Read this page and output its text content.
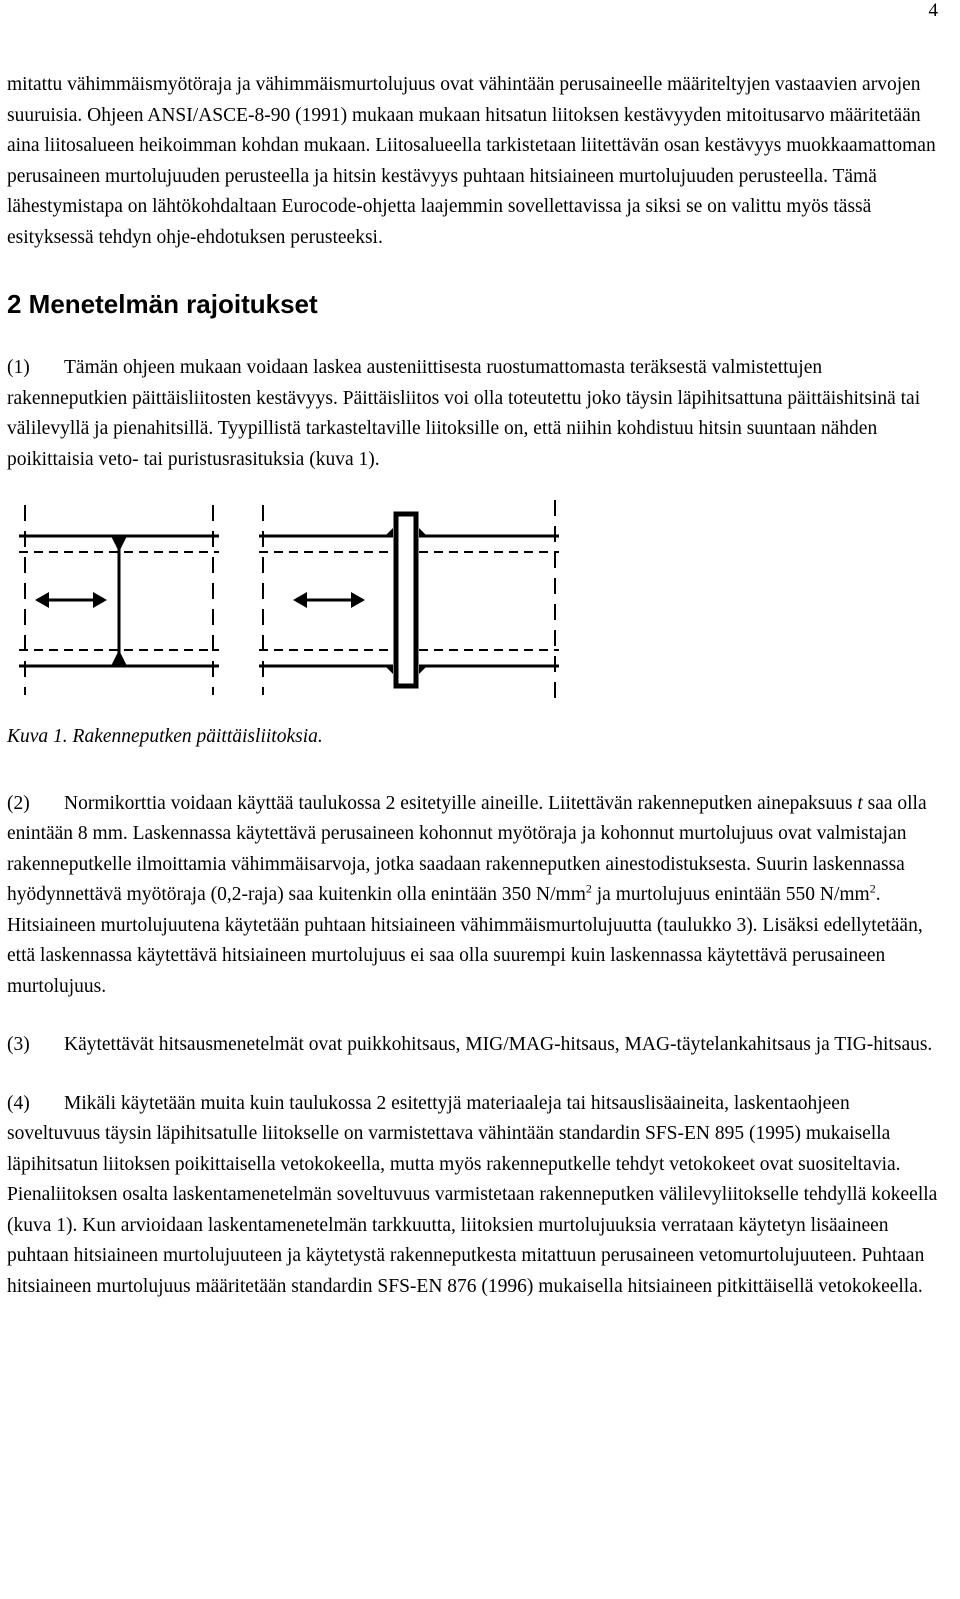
4

mitattu vähimmäismyötöraja ja vähimmäismurtolujuus ovat vähintään perusaineelle määriteltyjen vastaavien arvojen suuruisia. Ohjeen ANSI/ASCE-8-90 (1991) mukaan mukaan hitsatun liitoksen kestävyyden mitoitusarvo määritetään aina liitosalueen heikoimman kohdan mukaan. Liitosalueella tarkistetaan liitettävän osan kestävyys muokkaamattoman perusaineen murtolujuuden perusteella ja hitsin kestävyys puhtaan hitsiaineen murtolujuuden perusteella. Tämä lähestymistapa on lähtökohdaltaan Eurocode-ohjetta laajemmin sovellettavissa ja siksi se on valittu myös tässä esityksessä tehdyn ohje-ehdotuksen perusteeksi.

2 Menetelmän rajoitukset

(1) Tämän ohjeen mukaan voidaan laskea austeniittisesta ruostumattomasta teräksestä valmistettujen rakenneputkien päittäisliitosten kestävyys. Päittäisliitos voi olla toteutettu joko täysin läpihitsattuna päittäishitsinä tai välilevyllä ja pienahitsillä. Tyypillistä tarkasteltaville liitoksille on, että niihin kohdistuu hitsin suuntaan nähden poikittaisia veto- tai puristusrasituksia (kuva 1).

Kuva 1. Rakenneputken päittäisliitoksia.

(2) Normikorttia voidaan käyttää taulukossa 2 esitetyille aineille. Liitettävän rakenneputken ainepaksuus t saa olla enintään 8 mm. Laskennassa käytettävä perusaineen kohonnut myötöraja ja kohonnut murtolujuus ovat valmistajan rakenneputkelle ilmoittamia vähimmäisarvoja, jotka saadaan rakenneputken ainestodistuksesta. Suurin laskennassa hyödynnettävä myötöraja (0,2-raja) saa kuitenkin olla enintään 350 $N/mm^2$ ja murtolujuus enintään 550 $N/mm^2$. Hitsiaineen murtolujuutena käytetään puhtaan hitsiaineen vähimmäismurtolujuutta (taulukko 3). Lisäksi edellytetään, että laskennassa käytettävä hitsiaineen murtolujuus ei saa olla suurempi kuin laskennassa käytettävä perusaineen murtolujuus.

(3) Käytettävät hitsausmenetelmät ovat puikkohitsaus, MIG/MAG-hitsaus, MAG-täytelankahitsaus ja TIG-hitsaus.

(4) Mikäli käytetään muita kuin taulukossa 2 esitettyjä materiaaleja tai hitsauslisäaineita, laskentaohjeen soveltuvuus täysin läpihitsatulle liitokselle on varmistettava vähintään standardin SFS-EN 895 (1995) mukaisella läpihitsatun liitoksen poikittaisella vetokokeella, mutta myös rakenneputkelle tehdyt vetokokeet ovat suositeltavia. Pienaliitoksen osalta laskentamenetelmän soveltuvuus varmistetaan rakenneputken välilevyliitokselle tehdyllä kokeella (kuva 1). Kun arvioidaan laskentamenetelmän tarkkuutta, liitoksien murtolujuuksia verrataan käytetyn lisäaineen puhtaan hitsiaineen murtolujuuteen ja käytetystä rakenneputkesta mitattuun perusaineen vetomurtolujuuteen. Puhtaan hitsiaineen murtolujuus määritetään standardin SFS-EN 876 (1996) mukaisella hitsiaineen pitkittäisellä vetokokeella.
